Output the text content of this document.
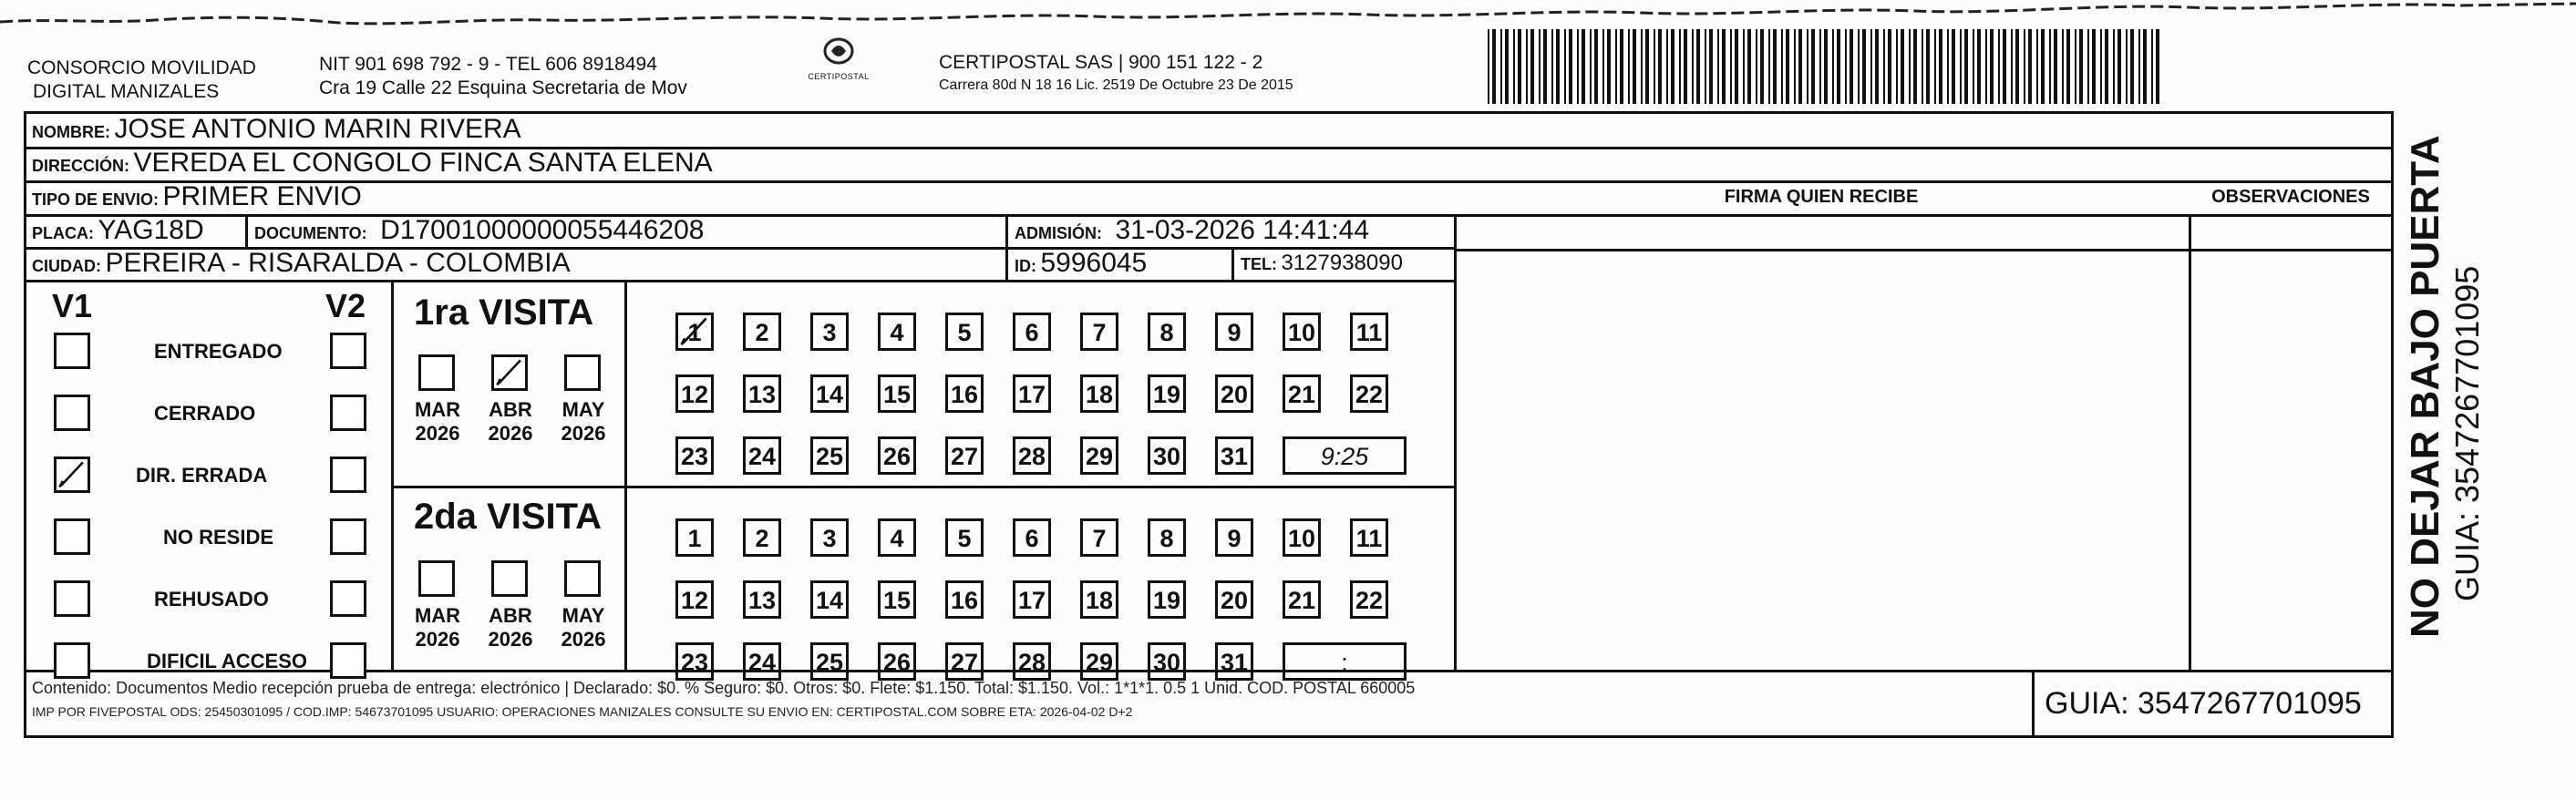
CONSORCIO MOVILIDAD
DIGITAL MANIZALES
NIT 901 698 792 - 9 - TEL 606 8918494
Cra 19 Calle 22 Esquina Secretaria de Mov
CERTIPOSTAL
CERTIPOSTAL SAS | 900 151 122 - 2
Carrera 80d N 18 16 Lic. 2519 De Octubre 23 De 2015
NOMBRE: JOSE ANTONIO MARIN RIVERA
DIRECCIÓN: VEREDA EL CONGOLO FINCA SANTA ELENA
TIPO DE ENVIO: PRIMER ENVIO	FIRMA QUIEN RECIBE	OBSERVACIONES
PLACA: YAG18D	DOCUMENTO: D17001000000055446208	ADMISIÓN: 31-03-2026 14:41:44
CIUDAD: PEREIRA - RISARALDA - COLOMBIA	ID: 5996045	TEL: 3127938090
V1	V2
ENTREGADO
CERRADO
DIR. ERRADA
NO RESIDE
REHUSADO
DIFICIL ACCESO
1ra VISITA
2da VISITA
MAR
2026
ABR
2026
MAY
2026
1	2	3	4	5	6	7	8	9	10 11
12 13 14 15 16 17 18 19 20 21 22
23 24 25 26 27 28 29 30 31	9:25
MAR
2026
ABR
2026
MAY
2026
1	2	3	4	5	6	7	8	9	10 11
12 13 14 15 16 17 18 19 20 21 22
23 24 25 26 27 28 29 30 31	:
Contenido: Documentos Medio recepción prueba de entrega: electrónico | Declarado: $0. % Seguro: $0. Otros: $0. Flete: $1.150. Total: $1.150. Vol.: 1*1*1. 0.5 1 Unid. COD. POSTAL 660005
IMP POR FIVEPOSTAL ODS: 25450301095 / COD.IMP: 54673701095 USUARIO: OPERACIONES MANIZALES CONSULTE SU ENVIO EN: CERTIPOSTAL.COM SOBRE ETA: 2026-04-02 D+2	GUIA: 3547267701095
NO DEJAR BAJO PUERTA GUIA: 3547267701095
